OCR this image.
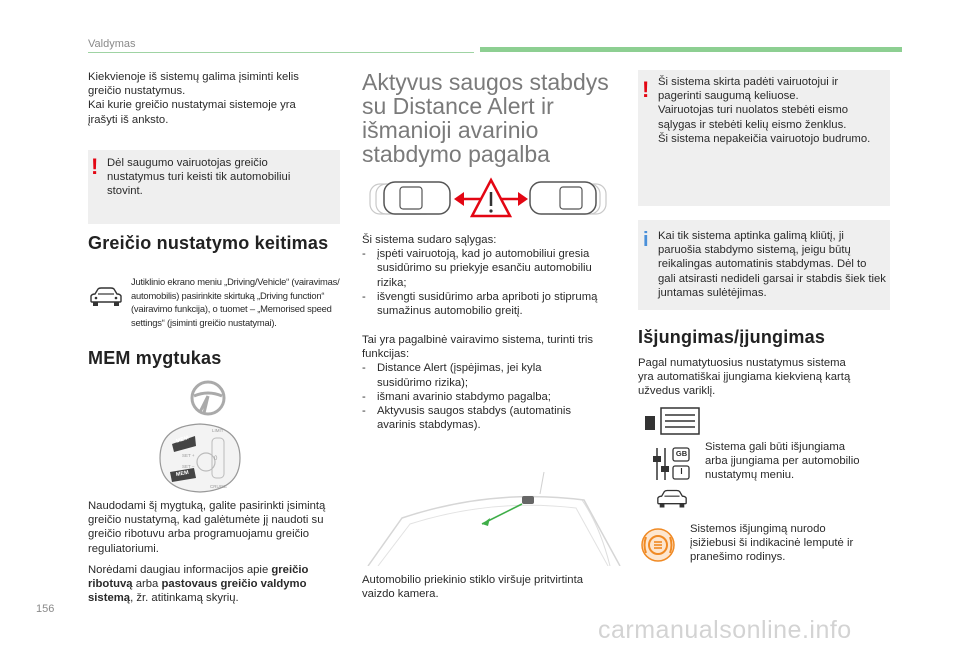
Valdymas

Kiekvienoje iš sistemų galima įsiminti kelis

greičio nustatymus.

Kai kurie greičio nustatymai sistemoje yra

įrašyti iš anksto.

! Dėl saugumo vairuotojas greičio

nustatymus turi keisti tik automobiliui

stovint.

Greičio nustatymo keitimas
Jutiklinio ekrano meniu „Driving/Vehicle“ (vairavimas/
automobilis) pasirinkite skirtuką „Driving function“
(vairavimo funkcija), o tuomet – „Memorised speed
settings“ (įsiminti greičio nustatymai).
MEM mygtukas
MEM
MEM
LIMIT
CRUISE
SET +
SET –
0

Naudodami šį mygtuką, galite pasirinkti įsimintą

greičio nustatymą, kad galėtumėte jį naudoti su

greičio ribotuvu arba programuojamu greičio

reguliatoriumi.

Norėdami daugiau informacijos apie greičio

ribotuvą arba pastovaus greičio valdymo

sistemą, žr. atitinkamą skyrių.

Aktyvus saugos stabdys
su Distance Alert ir
išmanioji avarinio
stabdymo pagalba

Ši sistema sudaro sąlygas:

- įspėti vairuotoją, kad jo automobiliui gresia
susidūrimo su priekyje esančiu automobiliu
rizika;
- išvengti susidūrimo arba apriboti jo stiprumą
sumažinus automobilio greitį.

Tai yra pagalbinė vairavimo sistema, turinti tris

funkcijas:

- Distance Alert (įspėjimas, jei kyla
susidūrimo rizika);
- išmani avarinio stabdymo pagalba;
- Aktyvusis saugos stabdys (automatinis
avarinis stabdymas).

Automobilio priekinio stiklo viršuje pritvirtinta

vaizdo kamera.

! Ši sistema skirta padėti vairuotojui ir

pagerinti saugumą keliuose.

Vairuotojas turi nuolatos stebėti eismo

sąlygas ir stebėti kelių eismo ženklus.

Ši sistema nepakeičia vairuotojo budrumo.

i Kai tik sistema aptinka galimą kliūtį, ji

paruošia stabdymo sistemą, jeigu būtų

reikalingas automatinis stabdymas. Dėl to

gali atsirasti nedideli garsai ir stabdis šiek tiek

juntamas sulėtėjimas.

Išjungimas/įjungimas

Pagal numatytuosius nustatymus sistema

yra automatiškai įjungiama kiekvieną kartą

užvedus variklį.

GB
I

Sistema gali būti išjungiama

arba įjungiama per automobilio

nustatymų meniu.

Sistemos išjungimą nurodo

įsižiebusi ši indikacinė lemputė ir

pranešimo rodinys.

156
carmanualsonline.info
